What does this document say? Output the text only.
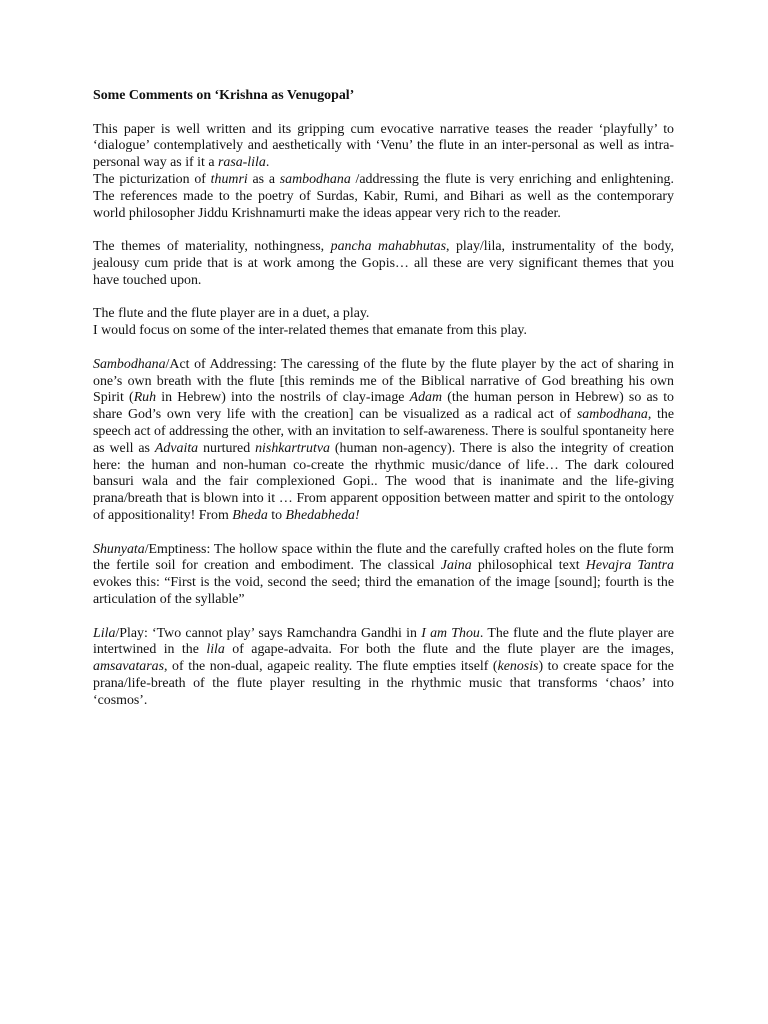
Some Comments on ‘Krishna as Venugopal’

This paper is well written and its gripping cum evocative narrative teases the reader ‘playfully’ to ‘dialogue’ contemplatively and aesthetically with ‘Venu’ the flute in an inter-personal as well as intra-personal way as if it a rasa-lila.

The picturization of thumri as a sambodhana /addressing the flute is very enriching and enlightening. The references made to the poetry of Surdas, Kabir, Rumi, and Bihari as well as the contemporary world philosopher Jiddu Krishnamurti make the ideas appear very rich to the reader.

The themes of materiality, nothingness, pancha mahabhutas, play/lila, instrumentality of the body, jealousy cum pride that is at work among the Gopis… all these are very significant themes that you have touched upon.

The flute and the flute player are in a duet, a play.

I would focus on some of the inter-related themes that emanate from this play.

Sambodhana/Act of Addressing: The caressing of the flute by the flute player by the act of sharing in one’s own breath with the flute [this reminds me of the Biblical narrative of God breathing his own Spirit (Ruh in Hebrew) into the nostrils of clay-image Adam (the human person in Hebrew) so as to share God’s own very life with the creation] can be visualized as a radical act of sambodhana, the speech act of addressing the other, with an invitation to self-awareness. There is soulful spontaneity here as well as Advaita nurtured nishkartrutva (human non-agency). There is also the integrity of creation here: the human and non-human co-create the rhythmic music/dance of life… The dark coloured bansuri wala and the fair complexioned Gopi.. The wood that is inanimate and the life-giving prana/breath that is blown into it … From apparent opposition between matter and spirit to the ontology of appositionality! From Bheda to Bhedabheda!

Shunyata/Emptiness: The hollow space within the flute and the carefully crafted holes on the flute form the fertile soil for creation and embodiment. The classical Jaina philosophical text Hevajra Tantra evokes this: “First is the void, second the seed; third the emanation of the image [sound]; fourth is the articulation of the syllable”

Lila/Play: ‘Two cannot play’ says Ramchandra Gandhi in I am Thou. The flute and the flute player are intertwined in the lila of agape-advaita. For both the flute and the flute player are the images, amsavataras, of the non-dual, agapeic reality. The flute empties itself (kenosis) to create space for the prana/life-breath of the flute player resulting in the rhythmic music that transforms ‘chaos’ into ‘cosmos’.
